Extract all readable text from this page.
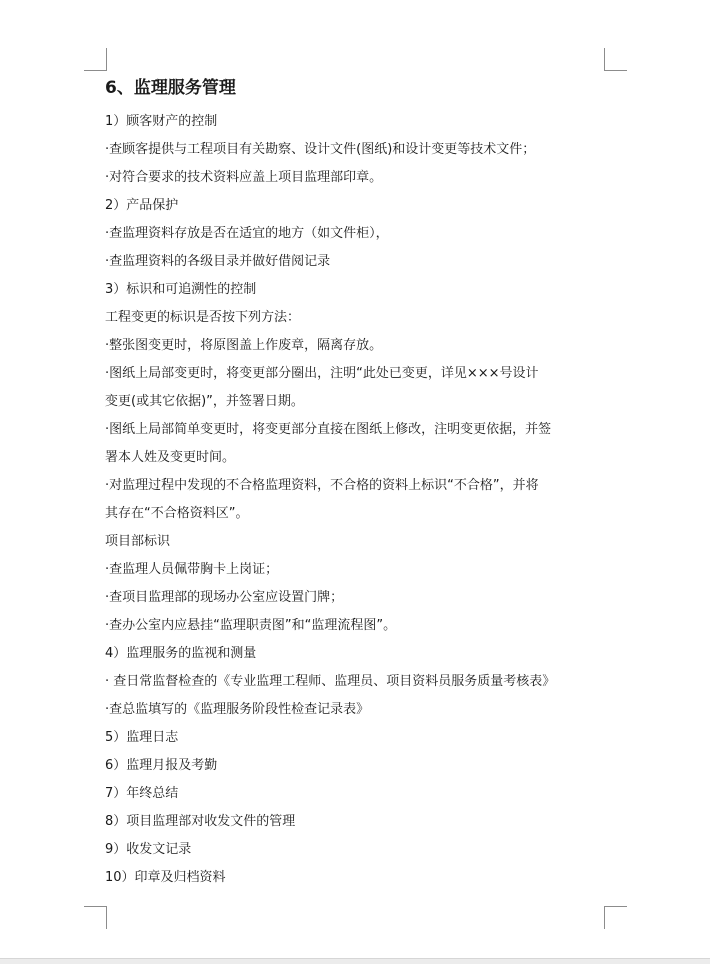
6、监理服务管理
1）顾客财产的控制
·查顾客提供与工程项目有关勘察、设计文件(图纸)和设计变更等技术文件；
·对符合要求的技术资料应盖上项目监理部印章。
2）产品保护
·查监理资料存放是否在适宜的地方（如文件柜），
·查监理资料的各级目录并做好借阅记录
3）标识和可追溯性的控制
工程变更的标识是否按下列方法：
·整张图变更时，将原图盖上作废章，隔离存放。
·图纸上局部变更时，将变更部分圈出，注明“此处已变更，详见×××号设计
变更(或其它依据)”，并签署日期。
·图纸上局部简单变更时，将变更部分直接在图纸上修改，注明变更依据，并签
署本人姓及变更时间。
·对监理过程中发现的不合格监理资料，不合格的资料上标识“不合格”，并将
其存在“不合格资料区”。
项目部标识
·查监理人员佩带胸卡上岗证；
·查项目监理部的现场办公室应设置门牌；
·查办公室内应悬挂“监理职责图”和“监理流程图”。
4）监理服务的监视和测量
· 查日常监督检查的《专业监理工程师、监理员、项目资料员服务质量考核表》
·查总监填写的《监理服务阶段性检查记录表》
5）监理日志
6）监理月报及考勤
7）年终总结
8）项目监理部对收发文件的管理
9）收发文记录
10）印章及归档资料
